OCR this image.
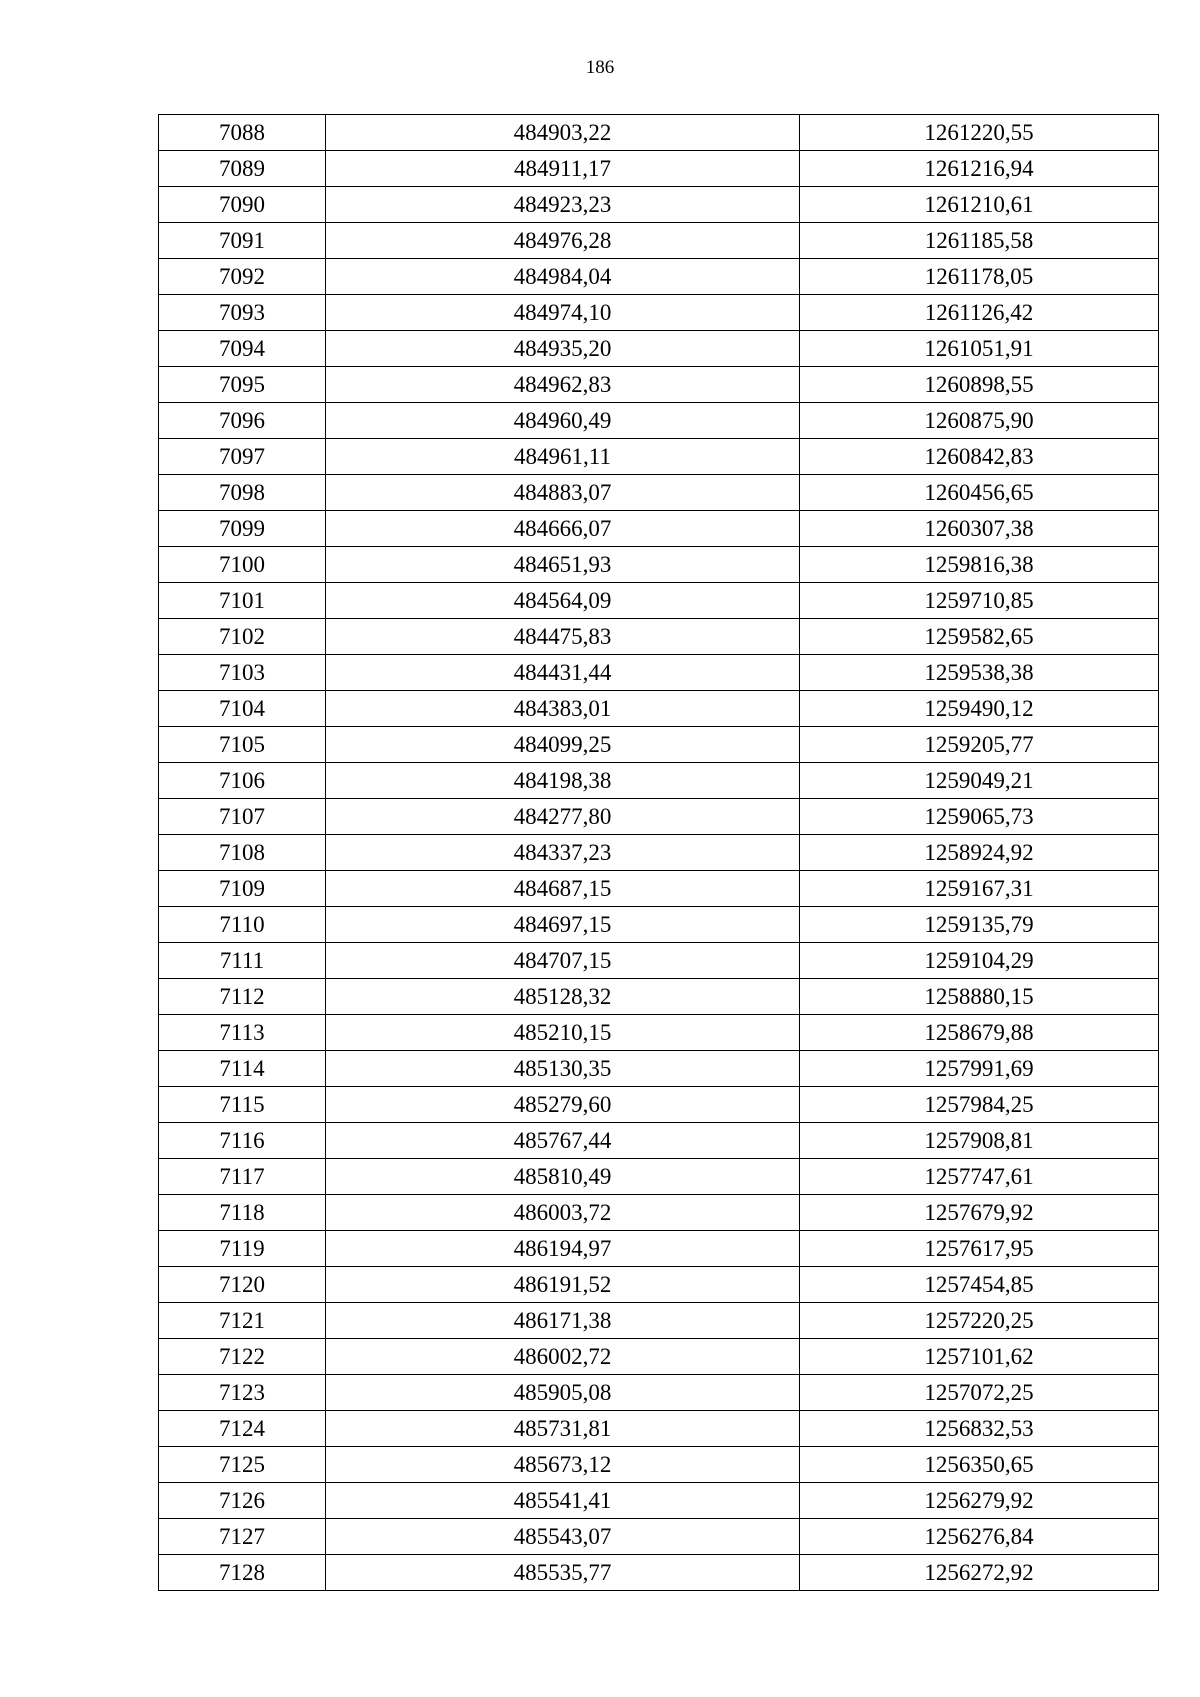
186
7088	484903,22	1261220,55
7089	484911,17	1261216,94
7090	484923,23	1261210,61
7091	484976,28	1261185,58
7092	484984,04	1261178,05
7093	484974,10	1261126,42
7094	484935,20	1261051,91
7095	484962,83	1260898,55
7096	484960,49	1260875,90
7097	484961,11	1260842,83
7098	484883,07	1260456,65
7099	484666,07	1260307,38
7100	484651,93	1259816,38
7101	484564,09	1259710,85
7102	484475,83	1259582,65
7103	484431,44	1259538,38
7104	484383,01	1259490,12
7105	484099,25	1259205,77
7106	484198,38	1259049,21
7107	484277,80	1259065,73
7108	484337,23	1258924,92
7109	484687,15	1259167,31
7110	484697,15	1259135,79
7111	484707,15	1259104,29
7112	485128,32	1258880,15
7113	485210,15	1258679,88
7114	485130,35	1257991,69
7115	485279,60	1257984,25
7116	485767,44	1257908,81
7117	485810,49	1257747,61
7118	486003,72	1257679,92
7119	486194,97	1257617,95
7120	486191,52	1257454,85
7121	486171,38	1257220,25
7122	486002,72	1257101,62
7123	485905,08	1257072,25
7124	485731,81	1256832,53
7125	485673,12	1256350,65
7126	485541,41	1256279,92
7127	485543,07	1256276,84
7128	485535,77	1256272,92
